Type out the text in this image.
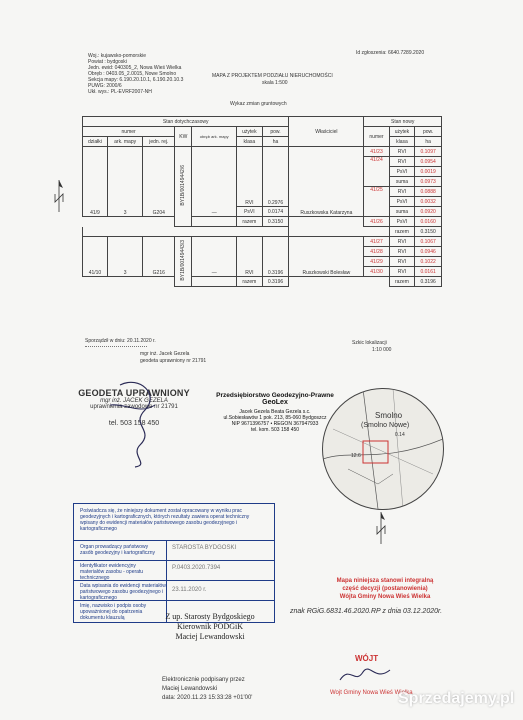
Woj.: kujawsko-pomorskie
Powiat : bydgoski
Jedn. ewid: 040305_2, Nowa Wieś Wielka
Obręb : 0403.05_2.0015, Nowe Smolno
Sekcja mapy: 6.190.20.10.1, 6.190.20.10.3
PUWG: 2000/6
Ukł. wys.: PL-EVRF2007-NH
Id zgłoszenia: 6640.7289.2020
MAPA Z PROJEKTEM PODZIAŁU NIERUCHOMOŚCI
skala 1:500
Wykaz zmian gruntowych
Stan dotychczasowy							Właściciel	Stan nowy		
numer			KW	obręb ark. mapy	użytek	pow.		numer	użytek	pow.
działki	ark. mapy	jedn. rej.			klasa	ha			klasa	ha
41/9	3	G204	BY1B/00149442/6	—	RVI	0.2976	Ruszkowska Katarzyna	41/23	RVI	0.1097
								41/24	RVI	0.0954
									PsVI	0.0019
									suma	0.0973
								41/25	RVI	0.0888
									PsVI	0.0032
					PsVI	0.0174			suma	0.0920
					razem	0.3150		41/26	PsVI	0.0160
									razem	0.3150
41/10	3	G216	BY1B/00149443/3	—	RVI	0.3196	Ruszkowski Bolesław	41/27	RVI	0.1067
								41/28	RVI	0.0946
								41/29	RVI	0.1022
								41/30	RVI	0.0161
					razem	0.3196			razem	0.3196
Sporządził w dniu: 20.11.2020 r.	Szkic lokalizacji
1:10 000
mgr inż. Jacek Gezela
geodeta uprawniony nr 21791
GEODETA UPRAWNIONY
mgr inż. JACEK GEZELA
uprawnienia zawodowe nr 21791
tel. 503 158 450
Przedsiębiorstwo Geodezyjno-Prawne
GeoLex
Jacek Gezela Beata Gezela s.c.
ul.Sobiesławów 1 pok. 213, 85-060 Bydgoszcz
NIP 9671396757 • REGON 367947933
tel. kom. 503 158 450
Smolno
(Smolno Nowe)
12.6
0.14
Poświadcza się, że niniejszy dokument został opracowany w wyniku prac geodezyjnych i kartograficznych, których rezultaty zawiera operat techniczny wpisany do ewidencji materiałów państwowego zasobu geodezyjnego i kartograficznego
Organ prowadzący państwowy zasób geodezyjny i kartograficzny
STAROSTA BYDGOSKI
Identyfikator ewidencyjny materiałów zasobu - operatu technicznego
P.0403.2020.7394
Data wpisania do ewidencji materiałów państwowego zasobu geodezyjnego i kartograficznego
23.11.2020 r.
Imię, nazwisko i podpis osoby upoważnionej do opatrzenia dokumentu klauzulą	Z up. Starosty Bydgoskiego
Kierownik PODGiK
Maciej Lewandowski
Mapa niniejsza stanowi integralną
część decyzji (postanowienia)
Wójta Gminy Nowa Wieś Wielka
znak RGiG.6831.46.2020.RP z dnia 03.12.2020r.
WÓJT
Wojt Gminy Nowa Wieś Wielka
Elektronicznie podpisany przez
Maciej Lewandowski
data: 2020.11.23 15:33:28 +01'00'	Sprzedajemy.pl
